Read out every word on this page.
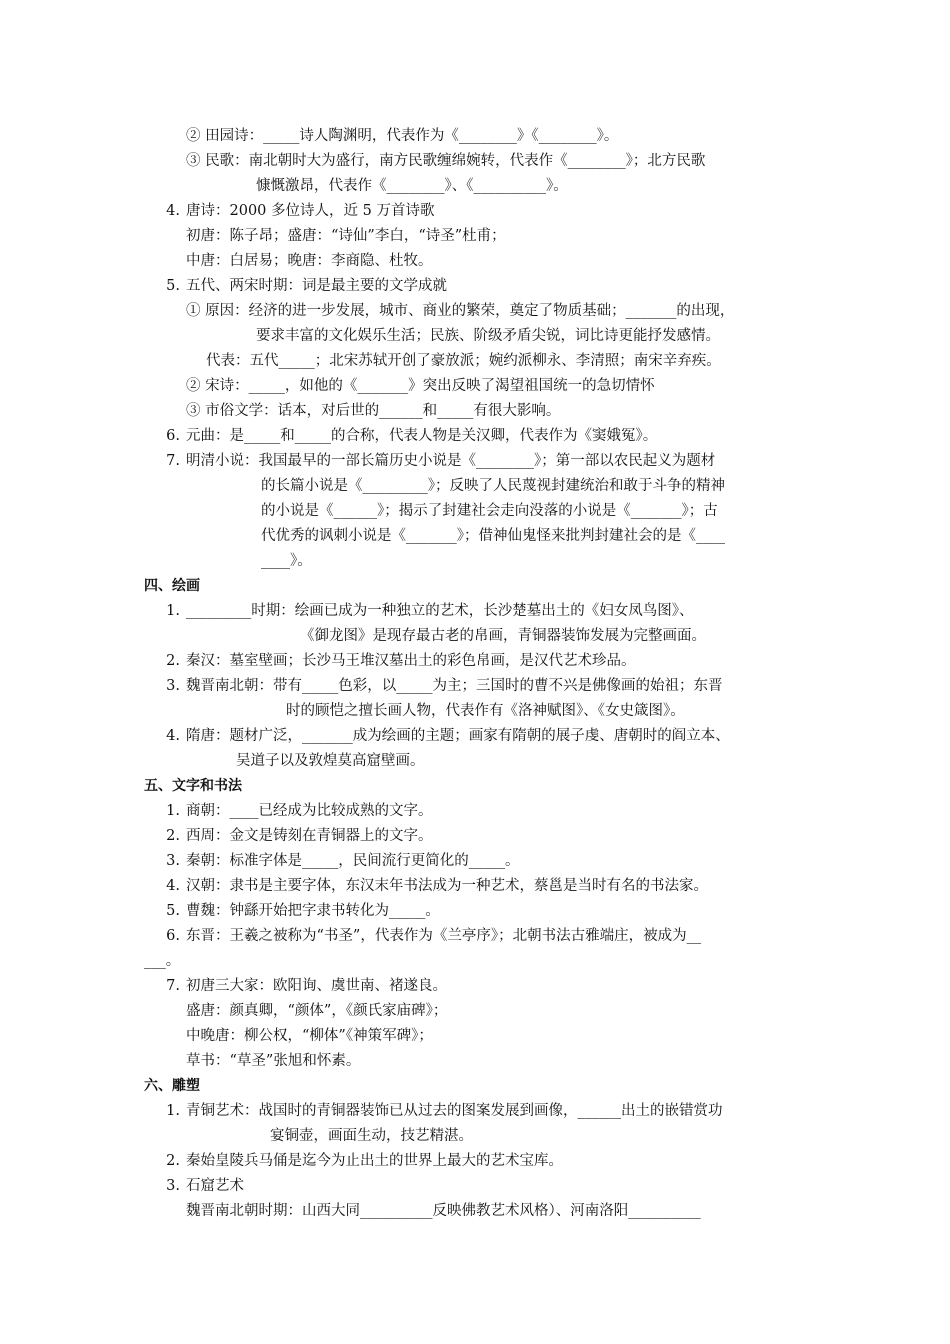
② 田园诗：_____诗人陶渊明，代表作为《________》《________》。
③ 民歌：南北朝时大为盛行，南方民歌缠绵婉转，代表作《________》；北方民歌
慷慨激昂，代表作《________》、《__________》。
4. 唐诗：2000 多位诗人，近 5 万首诗歌
初唐：陈子昂；盛唐：“诗仙”李白，“诗圣”杜甫；
中唐：白居易；晚唐：李商隐、杜牧。
5. 五代、两宋时期：词是最主要的文学成就
① 原因：经济的进一步发展，城市、商业的繁荣，奠定了物质基础；_______的出现，
要求丰富的文化娱乐生活；民族、阶级矛盾尖锐，词比诗更能抒发感情。
代表：五代_____；北宋苏轼开创了豪放派；婉约派柳永、李清照；南宋辛弃疾。
② 宋诗：_____，如他的《_______》突出反映了渴望祖国统一的急切情怀
③ 市俗文学：话本，对后世的______和_____有很大影响。
6. 元曲：是_____和_____的合称，代表人物是关汉卿，代表作为《窦娥冤》。
7. 明清小说：我国最早的一部长篇历史小说是《________》；第一部以农民起义为题材
的长篇小说是《_________》；反映了人民蔑视封建统治和敢于斗争的精神
的小说是《______》；揭示了封建社会走向没落的小说是《_______》；古
代优秀的讽刺小说是《_______》；借神仙鬼怪来批判封建社会的是《____
____》。
四、绘画
1. _________时期：绘画已成为一种独立的艺术，长沙楚墓出土的《妇女凤鸟图》、
《御龙图》是现存最古老的帛画，青铜器装饰发展为完整画面。
2. 秦汉：墓室壁画；长沙马王堆汉墓出土的彩色帛画，是汉代艺术珍品。
3. 魏晋南北朝：带有_____色彩，以_____为主；三国时的曹不兴是佛像画的始祖；东晋
时的顾恺之擅长画人物，代表作有《洛神赋图》、《女史箴图》。
4. 隋唐：题材广泛，_______成为绘画的主题；画家有隋朝的展子虔、唐朝时的阎立本、
吴道子以及敦煌莫高窟壁画。
五、文字和书法
1. 商朝：____已经成为比较成熟的文字。
2. 西周：金文是铸刻在青铜器上的文字。
3. 秦朝：标准字体是_____，民间流行更简化的_____。
4. 汉朝：隶书是主要字体，东汉末年书法成为一种艺术，蔡邕是当时有名的书法家。
5. 曹魏：钟繇开始把字隶书转化为_____。
6. 东晋：王羲之被称为“书圣”，代表作为《兰亭序》；北朝书法古雅端庄，被成为__
___。
7. 初唐三大家：欧阳询、虞世南、褚遂良。
盛唐：颜真卿，“颜体”，《颜氏家庙碑》；
中晚唐：柳公权，“柳体”《神策军碑》；
草书：“草圣”张旭和怀素。
六、雕塑
1. 青铜艺术：战国时的青铜器装饰已从过去的图案发展到画像，______出土的嵌错赏功
宴铜壶，画面生动，技艺精湛。
2. 秦始皇陵兵马俑是迄今为止出土的世界上最大的艺术宝库。
3. 石窟艺术
魏晋南北朝时期：山西大同__________反映佛教艺术风格）、河南洛阳__________
